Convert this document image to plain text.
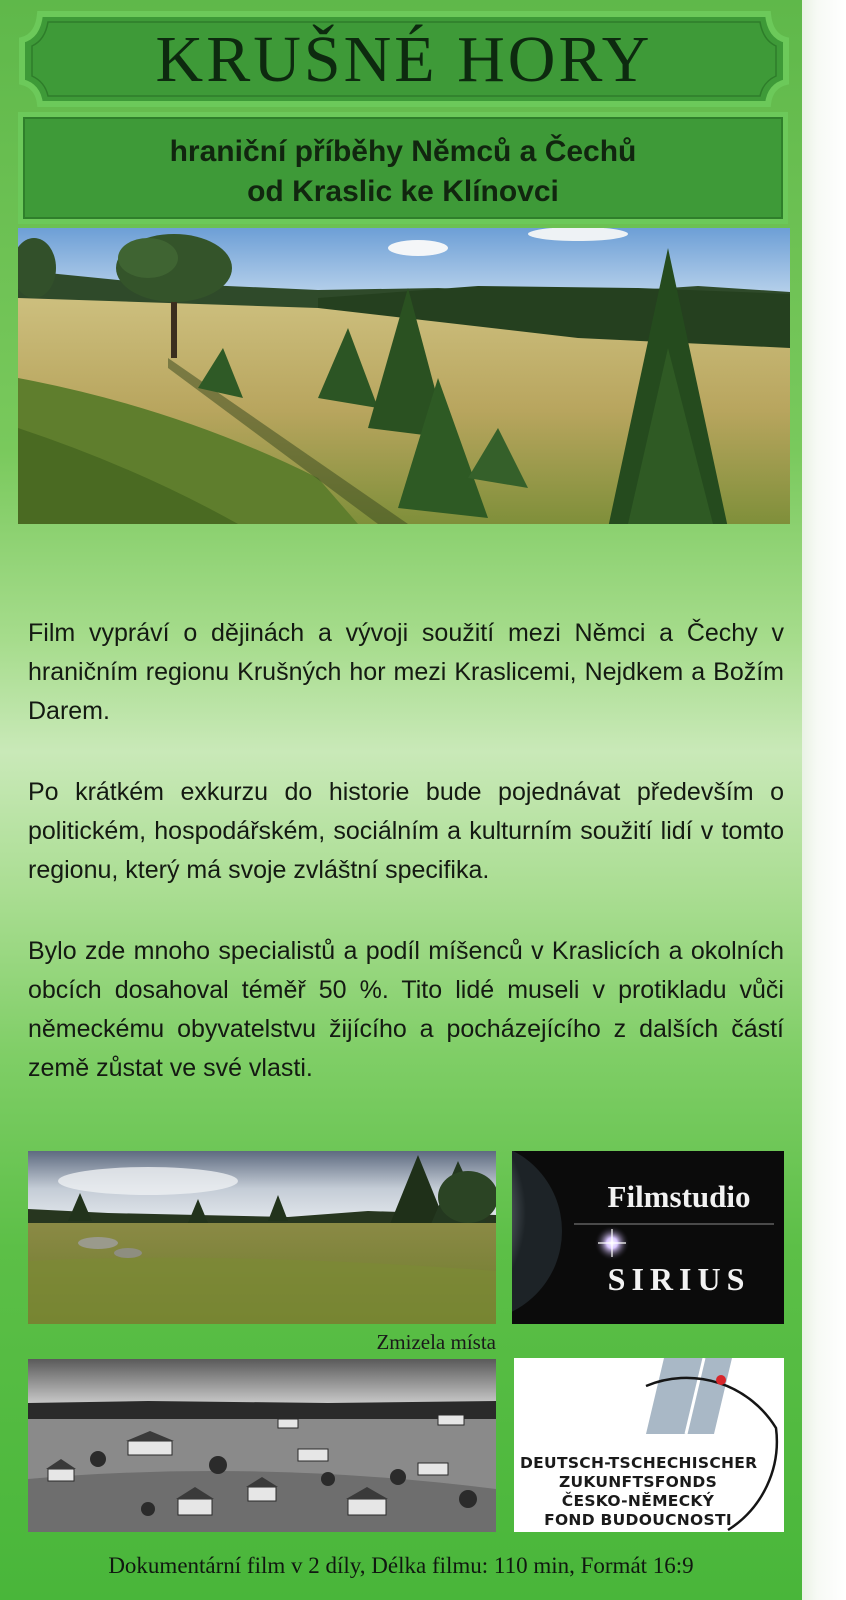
KRUŠNÉ HORY
hraniční příběhy Němců a Čechů
od Kraslic ke Klínovci

Film vypráví o dějinách a vývoji soužití mezi Němci a Čechy v hraničním regionu Krušných hor mezi Kraslicemi, Nejdkem a Božím Darem.

Po krátkém exkurzu do historie bude pojednávat především o politickém, hospodářském, sociálním a kulturním soužití lidí v tomto regionu, který má svoje zvláštní specifika.

Bylo zde mnoho specialistů a podíl míšenců v Kraslicích a okolních obcích dosahoval téměř 50 %. Tito lidé museli v protikladu vůči německému obyvatelstvu žijícího a pocházejícího z dalších částí země zůstat ve své vlasti.

Zmizela místa
Filmstudio
SIRIUS
DEUTSCH-TSCHECHISCHER
ZUKUNFTSFONDS
ČESKO-NĚMECKÝ
FOND BUDOUCNOSTI
Dokumentární film v 2 díly, Délka filmu: 110 min, Formát 16:9
